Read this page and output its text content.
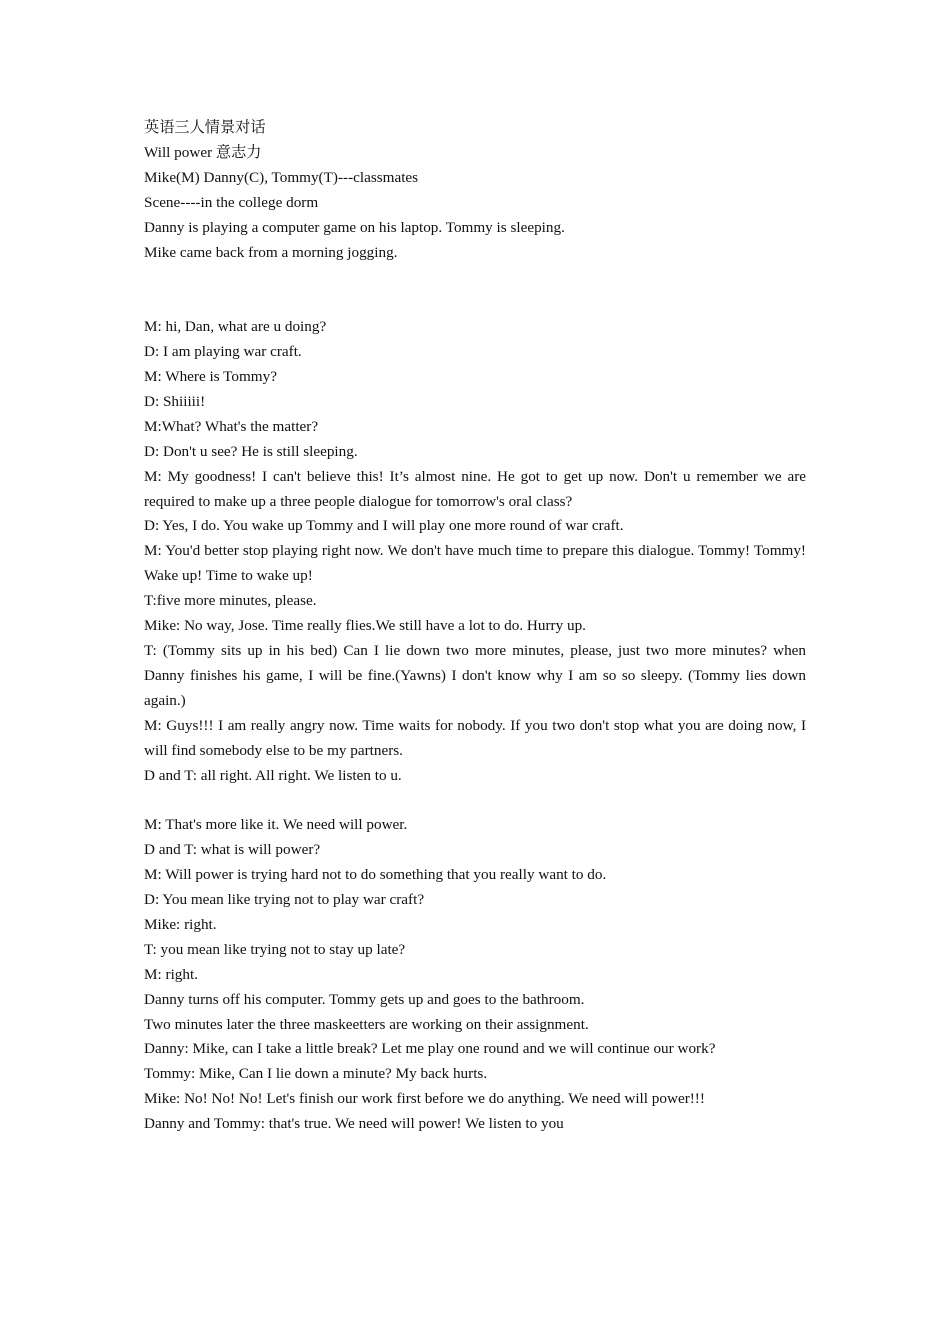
英语三人情景对话

Will power 意志力

Mike(M) Danny(C), Tommy(T)---classmates

Scene----in the college dorm

Danny is playing a computer game on his laptop. Tommy is sleeping.

Mike came back from a morning jogging.

M: hi, Dan, what are u doing?

D: I am playing war craft.

M: Where is Tommy?

D: Shiiiii!

M:What? What's the matter?

D: Don't u see? He is still sleeping.

M: My goodness! I can't believe this! It’s almost nine. He got to get up now. Don't u remember we are required to make up a three people dialogue for tomorrow's oral class?

D: Yes, I do. You wake up Tommy and I will play one more round of war craft.

M: You'd better stop playing right now. We don't have much time to prepare this dialogue. Tommy! Tommy! Wake up! Time to wake up!

T:five more minutes, please.

Mike: No way, Jose. Time really flies.We still have a lot to do. Hurry up.

T: (Tommy sits up in his bed) Can I lie down two more minutes, please, just two more minutes? when Danny finishes his game, I will be fine.(Yawns) I don't know why I am so so sleepy. (Tommy lies down again.)

M: Guys!!! I am really angry now. Time waits for nobody. If you two don't stop what you are doing now, I will find somebody else to be my partners.

D and T: all right. All right. We listen to u.

M: That's more like it. We need will power.

D and T: what is will power?

M: Will power is trying hard not to do something that you really want to do.

D: You mean like trying not to play war craft?

Mike: right.

T: you mean like trying not to stay up late?

M: right.

Danny turns off his computer. Tommy gets up and goes to the bathroom.

Two minutes later the three maskeetters are working on their assignment.

Danny: Mike, can I take a little break? Let me play one round and we will continue our work?

Tommy: Mike, Can I lie down a minute? My back hurts.

Mike: No! No! No! Let's finish our work first before we do anything. We need will power!!!

Danny and Tommy: that's true. We need will power! We listen to you
